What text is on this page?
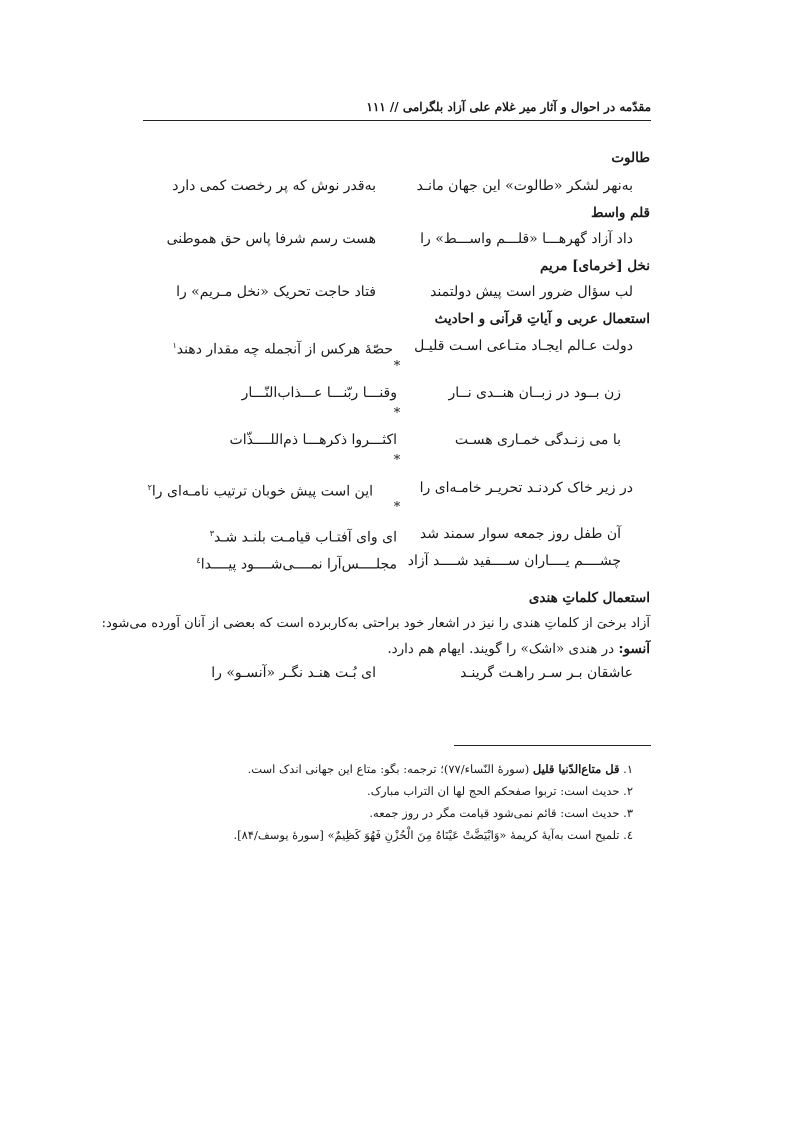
مقدّمه در احوال و آثار میر غلام علی آزاد بلگرامی // ۱۱۱
طالوت
به‌نهر لشکر «طالوت» این جهان مانـد
به‌قدر نوش که پر رخصت کمی دارد
قلم واسط
داد آزاد گهرهـــا «قلـــم واســـط» را
هست رسم شرفا پاس حق هموطنی
نخل [خرمای] مریم
لب سؤال ضرور است پیش دولتمند
فتاد حاجت تحریک «نخل مـریم» را
استعمال عربی و آیاتِ قرآنی و احادیث
دولت عـالم ایجـاد متـاعی اسـت قلیـل
حصّهٔ هرکس از آنجمله چه مقدار دهند$^۱$
*
زن بــود در زبــان هنــدی نــار
وقنـــا ربّنـــا عـــذاب‌النّـــار
*
با می زنـدگی خمـاری هسـت
اکثـــروا ذکرهـــا ذم‌اللــــذّات
*
در زیر خاک کردنـد تحریـر خامـه‌ای را
این است پیش خوبان ترتیب نامـه‌ای را$^۲$
*
آن طفل روز جمعه سوار سمند شد
ای وای آفتـاب قیامـت بلنـد شـد$^۳$
چشــــم یــــاران ســــفید شــــد آزاد
مجلــــس‌آرا نمــــی‌شــــود پیــــدا$^٤$
استعمال کلماتِ هندی
آزاد برخیَ از کلماتِ هندی را نیز در اشعار خود براحتی به‌کاربرده است که بعضی از آنان آورده می‌شود:
آنسو: در هندی «اشک» را گویند. ایهام هم دارد.
عاشقان بـر سـر راهـت گرینـد
ای بُـت هنـد نگـر «آنسـو» را
۱. قل متاع‌الدّنیا قلیل (سورهٔ النّساء/۷۷)؛ ترجمه: بگو: متاع این جهانی اندک است.
۲. حدیث است: تربوا صفحکم الحج لها ان التراب مبارک.
۳. حدیث است: قائم نمی‌شود قیامت مگر در روز جمعه.
٤. تلمیح است به‌آیهٔ کریمهٔ «وَابْیَضَّتْ عَیْنَاهُ مِنَ الْحُزْنِ فَهُوَ کَظِیمٌ» [سورهٔ یوسف/۸۴].
